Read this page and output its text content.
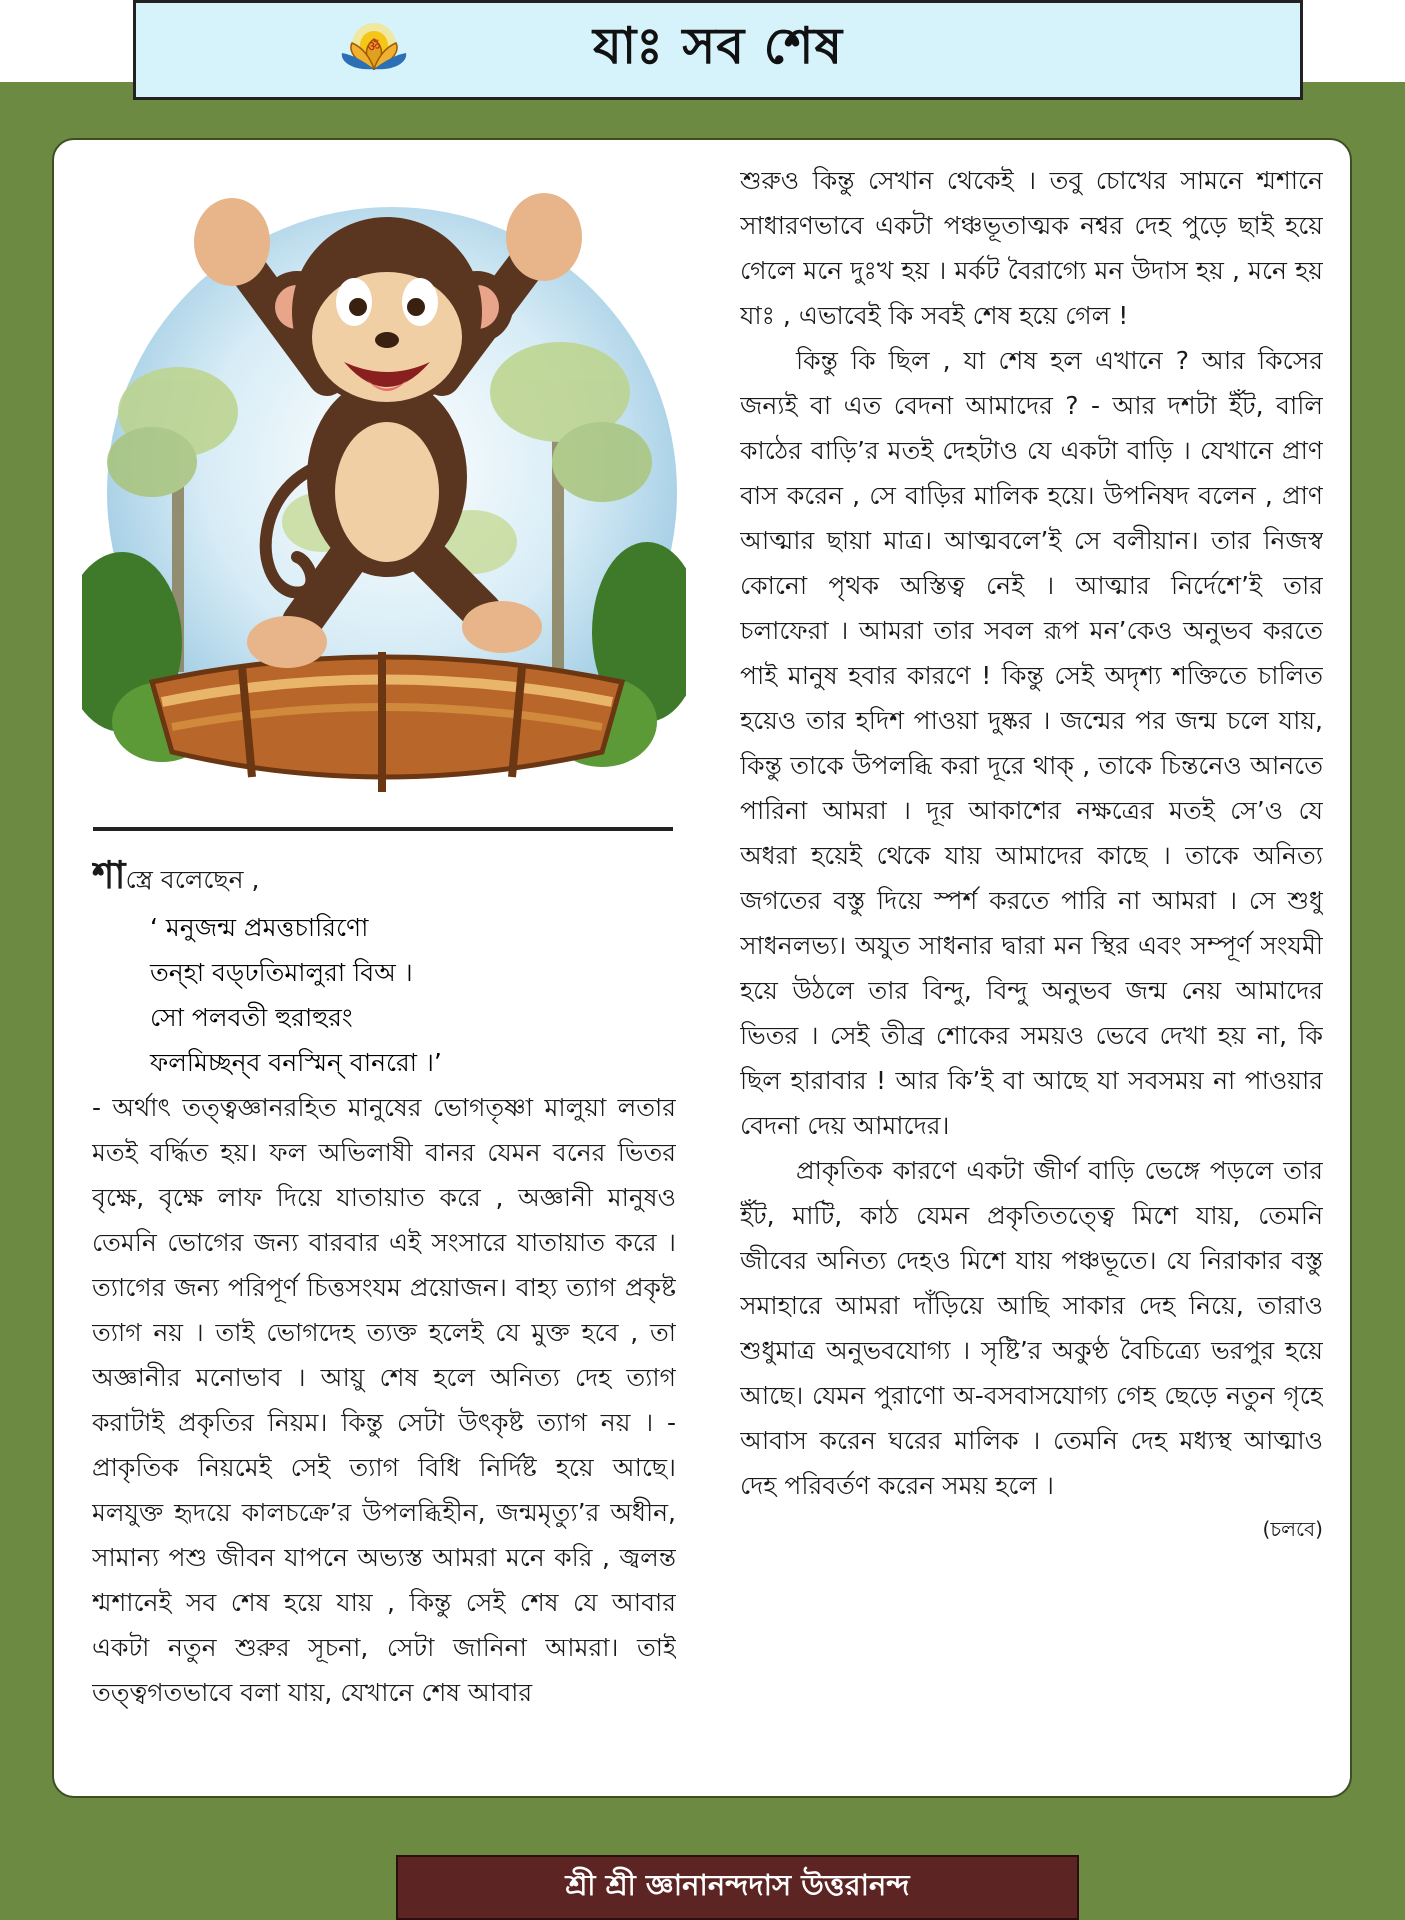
ॐ	যাঃ সব শেষ

শাস্ত্রে বলেছেন ,

‘ মনুজন্ম প্রমত্তচারিণো

তন্হা বড্‌ঢতিমালুরা বিঅ ।

সো পলবতী হুরাহুরং

ফলমিচ্ছন্‌ব বনস্মিন্‌ বানরো ।’

- অর্থাৎ তত্ত্বজ্ঞানরহিত মানুষের ভোগতৃষ্ণা মালুয়া লতার মতই বর্দ্ধিত হয়। ফল অভিলাষী বানর যেমন বনের ভিতর বৃক্ষে, বৃক্ষে লাফ দিয়ে যাতায়াত করে , অজ্ঞানী মানুষও তেমনি ভোগের জন্য বারবার এই সংসারে যাতায়াত করে । ত্যাগের জন্য পরিপূর্ণ চিত্তসংযম প্রয়োজন। বাহ্য ত্যাগ প্রকৃষ্ট ত্যাগ নয় । তাই ভোগদেহ ত্যক্ত হলেই যে মুক্ত হবে , তা অজ্ঞানীর মনোভাব । আয়ু শেষ হলে অনিত্য দেহ ত্যাগ করাটাই প্রকৃতির নিয়ম। কিন্তু সেটা উৎকৃষ্ট ত্যাগ নয় । - প্রাকৃতিক নিয়মেই সেই ত্যাগ বিধি নির্দিষ্ট হয়ে আছে। মলযুক্ত হৃদয়ে কালচক্রে’র উপলব্ধিহীন, জন্মমৃত্যু’র অধীন, সামান্য পশু জীবন যাপনে অভ্যস্ত আমরা মনে করি , জ্বলন্ত শ্মশানেই সব শেষ হয়ে যায় , কিন্তু সেই শেষ যে আবার একটা নতুন শুরুর সূচনা, সেটা জানিনা আমরা। তাই তত্ত্বগতভাবে বলা যায়, যেখানে শেষ আবার

শুরুও কিন্তু সেখান থেকেই । তবু চোখের সামনে শ্মশানে সাধারণভাবে একটা পঞ্চভূতাত্মক নশ্বর দেহ পুড়ে ছাই হয়ে গেলে মনে দুঃখ হয় । মর্কট বৈরাগ্যে মন উদাস হয় , মনে হয় যাঃ , এভাবেই কি সবই শেষ হয়ে গেল !

কিন্তু কি ছিল , যা শেষ হল এখানে ? আর কিসের জন্যই বা এত বেদনা আমাদের ? - আর দশটা ইঁট, বালি কাঠের বাড়ি’র মতই দেহটাও যে একটা বাড়ি । যেখানে প্রাণ বাস করেন , সে বাড়ির মালিক হয়ে। উপনিষদ বলেন , প্রাণ আত্মার ছায়া মাত্র। আত্মবলে’ই সে বলীয়ান। তার নিজস্ব কোনো পৃথক অস্তিত্ব নেই । আত্মার নির্দেশে’ই তার চলাফেরা । আমরা তার সবল রূপ মন’কেও অনুভব করতে পাই মানুষ হবার কারণে ! কিন্তু সেই অদৃশ্য শক্তিতে চালিত হয়েও তার হদিশ পাওয়া দুষ্কর । জন্মের পর জন্ম চলে যায়, কিন্তু তাকে উপলব্ধি করা দূরে থাক্‌ , তাকে চিন্তনেও আনতে পারিনা আমরা । দূর আকাশের নক্ষত্রের মতই সে’ও যে অধরা হয়েই থেকে যায় আমাদের কাছে । তাকে অনিত্য জগতের বস্তু দিয়ে স্পর্শ করতে পারি না আমরা । সে শুধু সাধনলভ্য। অযুত সাধনার দ্বারা মন স্থির এবং সম্পূর্ণ সংযমী হয়ে উঠলে তার বিন্দু, বিন্দু অনুভব জন্ম নেয় আমাদের ভিতর । সেই তীব্র শোকের সময়ও ভেবে দেখা হয় না, কি ছিল হারাবার ! আর কি’ই বা আছে যা সবসময় না পাওয়ার বেদনা দেয় আমাদের।

প্রাকৃতিক কারণে একটা জীর্ণ বাড়ি ভেঙ্গে পড়লে তার ইঁট, মাটি, কাঠ যেমন প্রকৃতিতত্ত্বে মিশে যায়, তেমনি জীবের অনিত্য দেহও মিশে যায় পঞ্চভূতে। যে নিরাকার বস্তু সমাহারে আমরা দাঁড়িয়ে আছি সাকার দেহ নিয়ে, তারাও শুধুমাত্র অনুভবযোগ্য । সৃষ্টি’র অকুণ্ঠ বৈচিত্র্যে ভরপুর হয়ে আছে। যেমন পুরাণো অ-বসবাসযোগ্য গেহ ছেড়ে নতুন গৃহে আবাস করেন ঘরের মালিক । তেমনি দেহ মধ্যস্থ আত্মাও দেহ পরিবর্তণ করেন সময় হলে ।

(চলবে)

শ্রী শ্রী জ্ঞানানন্দদাস উত্তরানন্দ
